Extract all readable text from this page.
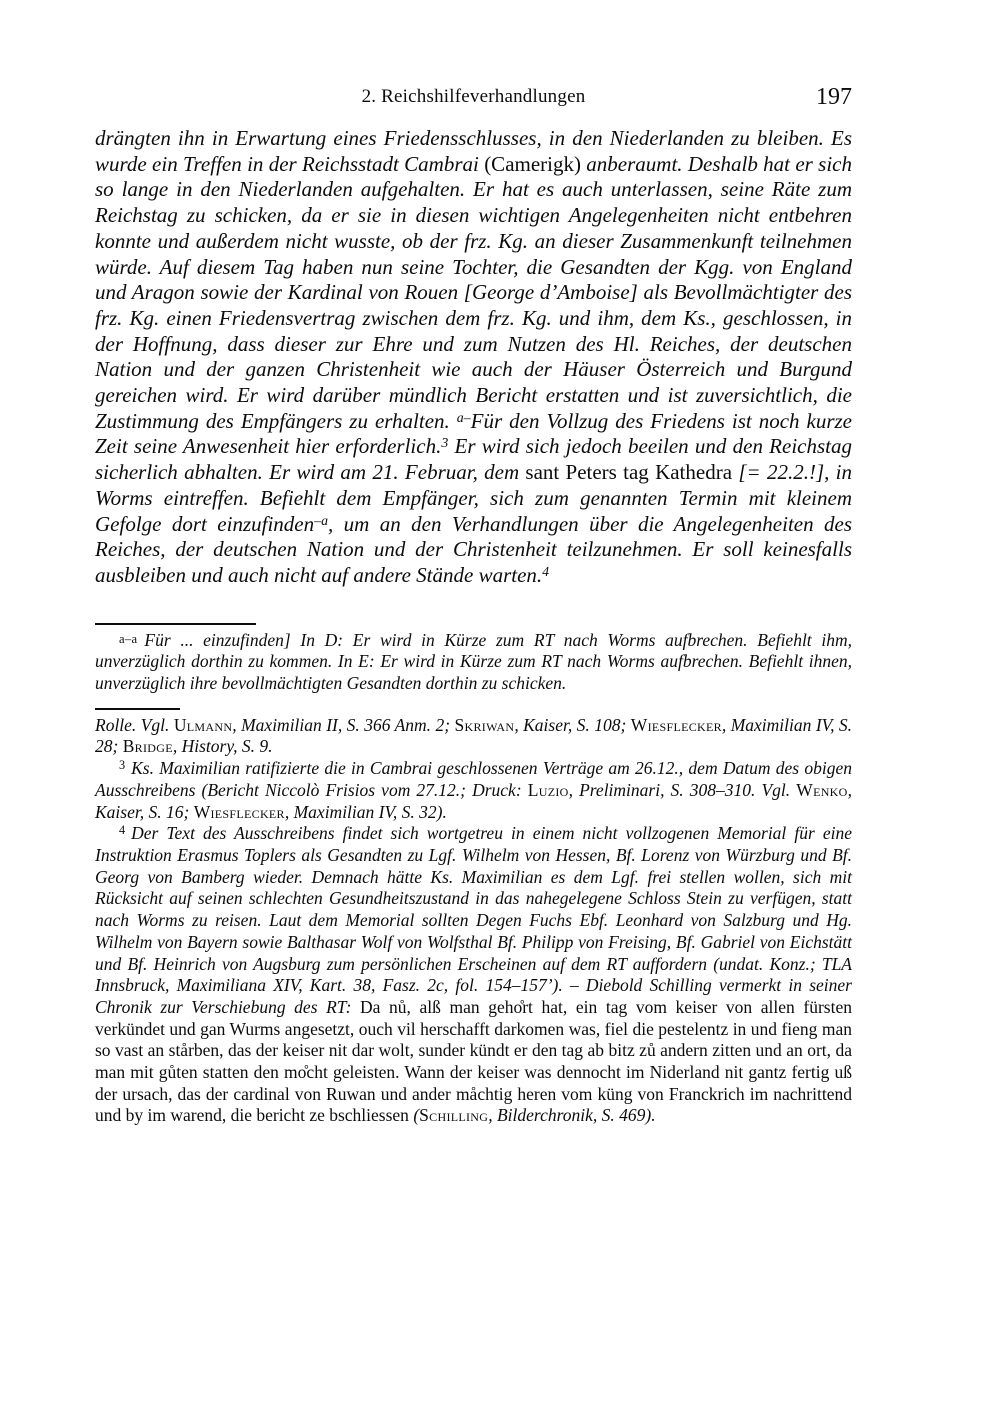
2. Reichshilfeverhandlungen	197

drängten ihn in Erwartung eines Friedensschlusses, in den Niederlanden zu bleiben. Es wurde ein Treffen in der Reichsstadt Cambrai (Camerigk) anberaumt. Deshalb hat er sich so lange in den Niederlanden aufgehalten. Er hat es auch unterlassen, seine Räte zum Reichstag zu schicken, da er sie in diesen wichtigen Angelegenheiten nicht entbehren konnte und außerdem nicht wusste, ob der frz. Kg. an dieser Zusammenkunft teilnehmen würde. Auf diesem Tag haben nun seine Tochter, die Gesandten der Kgg. von England und Aragon sowie der Kardinal von Rouen [George d’Amboise] als Bevollmächtigter des frz. Kg. einen Friedensvertrag zwischen dem frz. Kg. und ihm, dem Ks., geschlossen, in der Hoffnung, dass dieser zur Ehre und zum Nutzen des Hl. Reiches, der deutschen Nation und der ganzen Christenheit wie auch der Häuser Österreich und Burgund gereichen wird. Er wird darüber mündlich Bericht erstatten und ist zuversichtlich, die Zustimmung des Empfängers zu erhalten. $^{a-}$Für den Vollzug des Friedens ist noch kurze Zeit seine Anwesenheit hier erforderlich.$^3$ Er wird sich jedoch beeilen und den Reichstag sicherlich abhalten. Er wird am 21. Februar, dem sant Peters tag Kathedra [= 22.2.!], in Worms eintreffen. Befiehlt dem Empfänger, sich zum genannten Termin mit kleinem Gefolge dort einzufinden$^{-a}$, um an den Verhandlungen über die Angelegenheiten des Reiches, der deutschen Nation und der Christenheit teilzunehmen. Er soll keinesfalls ausbleiben und auch nicht auf andere Stände warten.$^4$

a–a Für ... einzufinden] In D: Er wird in Kürze zum RT nach Worms aufbrechen. Befiehlt ihm, unverzüglich dorthin zu kommen. In E: Er wird in Kürze zum RT nach Worms aufbrechen. Befiehlt ihnen, unverzüglich ihre bevollmächtigten Gesandten dorthin zu schicken.

Rolle. Vgl. Ulmann, Maximilian II, S. 366 Anm. 2; Skriwan, Kaiser, S. 108; Wiesflecker, Maximilian IV, S. 28; Bridge, History, S. 9.

$^3$ Ks. Maximilian ratifizierte die in Cambrai geschlossenen Verträge am 26.12., dem Datum des obigen Ausschreibens (Bericht Niccolò Frisios vom 27.12.; Druck: Luzio, Preliminari, S. 308–310. Vgl. Wenko, Kaiser, S. 16; Wiesflecker, Maximilian IV, S. 32).

$^4$ Der Text des Ausschreibens findet sich wortgetreu in einem nicht vollzogenen Memorial für eine Instruktion Erasmus Toplers als Gesandten zu Lgf. Wilhelm von Hessen, Bf. Lorenz von Würzburg und Bf. Georg von Bamberg wieder. Demnach hätte Ks. Maximilian es dem Lgf. frei stellen wollen, sich mit Rücksicht auf seinen schlechten Gesundheitszustand in das nahegelegene Schloss Stein zu verfügen, statt nach Worms zu reisen. Laut dem Memorial sollten Degen Fuchs Ebf. Leonhard von Salzburg und Hg. Wilhelm von Bayern sowie Balthasar Wolf von Wolfsthal Bf. Philipp von Freising, Bf. Gabriel von Eichstätt und Bf. Heinrich von Augsburg zum persönlichen Erscheinen auf dem RT auffordern (undat. Konz.; TLA Innsbruck, Maximiliana XIV, Kart. 38, Fasz. 2c, fol. 154–157’). – Diebold Schilling vermerkt in seiner Chronik zur Verschiebung des RT: Da nů, alß man geho̊rt hat, ein tag vom keiser von allen fürsten verkündet und gan Wurms angesetzt, ouch vil herschafft darkomen was, fiel die pestelentz in und fieng man so vast an stårben, das der keiser nit dar wolt, sunder kündt er den tag ab bitz zů andern zitten und an ort, da man mit gůten statten den mo̊cht geleisten. Wann der keiser was dennocht im Niderland nit gantz fertig uß der ursach, das der cardinal von Ruwan und ander måchtig heren vom küng von Franckrich im nachrittend und by im warend, die bericht ze bschliessen (Schilling, Bilderchronik, S. 469).
